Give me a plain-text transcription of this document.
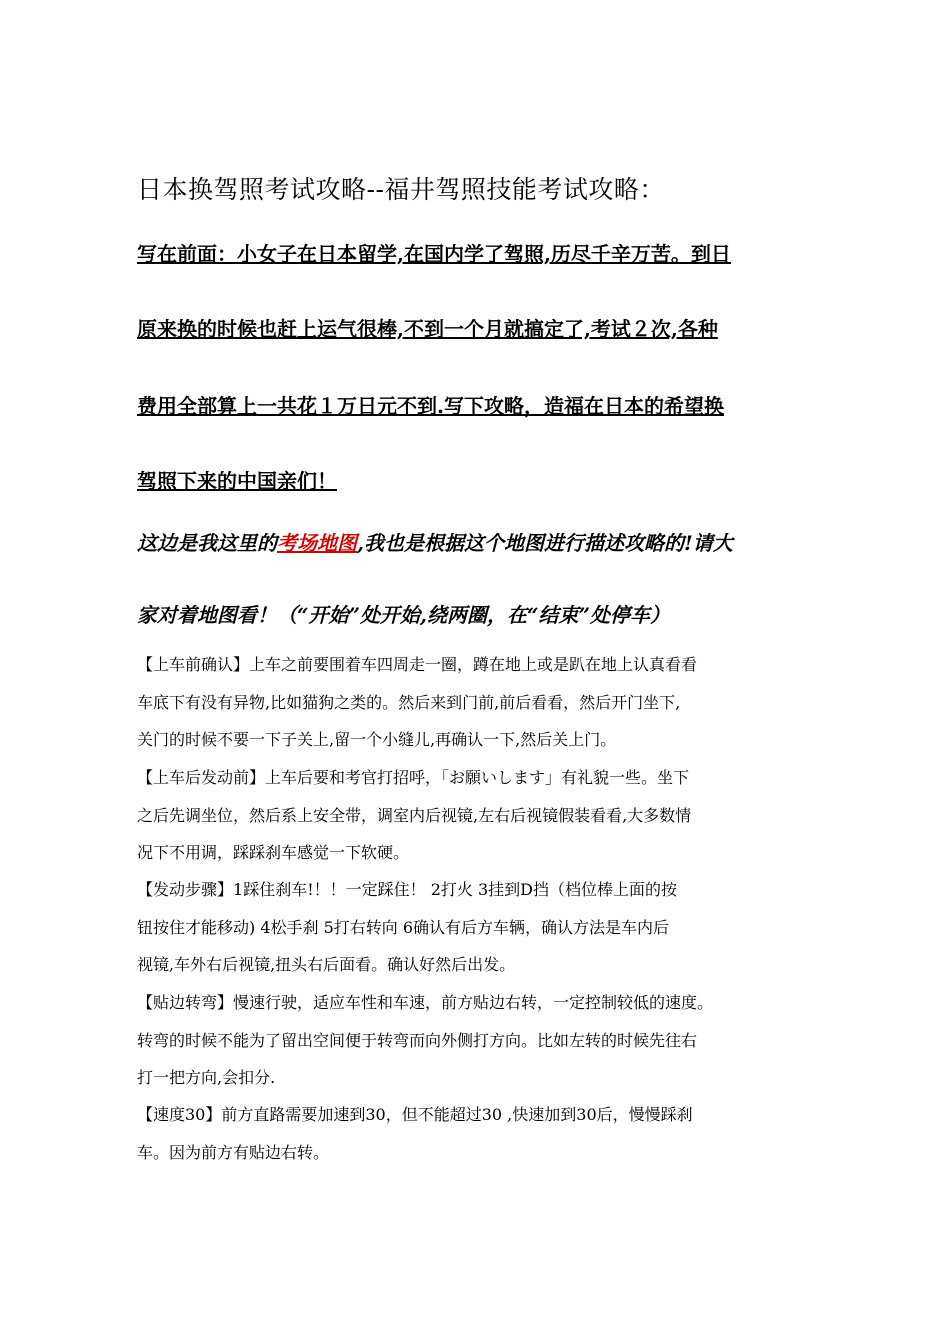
日本换驾照考试攻略--福井驾照技能考试攻略：
写在前面：小女子在日本留学,在国内学了驾照,历尽千辛万苦。到日
原来换的时候也赶上运气很棒,不到一个月就搞定了,考试２次,各种
费用全部算上一共花１万日元不到.写下攻略，造福在日本的希望换
驾照下来的中国亲们！
这边是我这里的考场地图,我也是根据这个地图进行描述攻略的!请大
家对着地图看！（“开始”处开始,绕两圈，在“结束”处停车）
【上车前确认】上车之前要围着车四周走一圈，蹲在地上或是趴在地上认真看看
车底下有没有异物,比如猫狗之类的。然后来到门前,前后看看，然后开门坐下,
关门的时候不要一下子关上,留一个小缝儿,再确认一下,然后关上门。
【上车后发动前】上车后要和考官打招呼，「お願いします」有礼貌一些。坐下
之后先调坐位，然后系上安全带，调室内后视镜,左右后视镜假装看看,大多数情
况下不用调，踩踩刹车感觉一下软硬。
【发动步骤】1踩住刹车!！！一定踩住！ 2打火 3挂到D挡（档位棒上面的按
钮按住才能移动) 4松手刹 5打右转向 6确认有后方车辆，确认方法是车内后
视镜,车外右后视镜,扭头右后面看。确认好然后出发。
【贴边转弯】慢速行驶，适应车性和车速，前方贴边右转，一定控制较低的速度。
转弯的时候不能为了留出空间便于转弯而向外侧打方向。比如左转的时候先往右
打一把方向,会扣分.
【速度30】前方直路需要加速到30，但不能超过30 ,快速加到30后，慢慢踩刹
车。因为前方有贴边右转。
